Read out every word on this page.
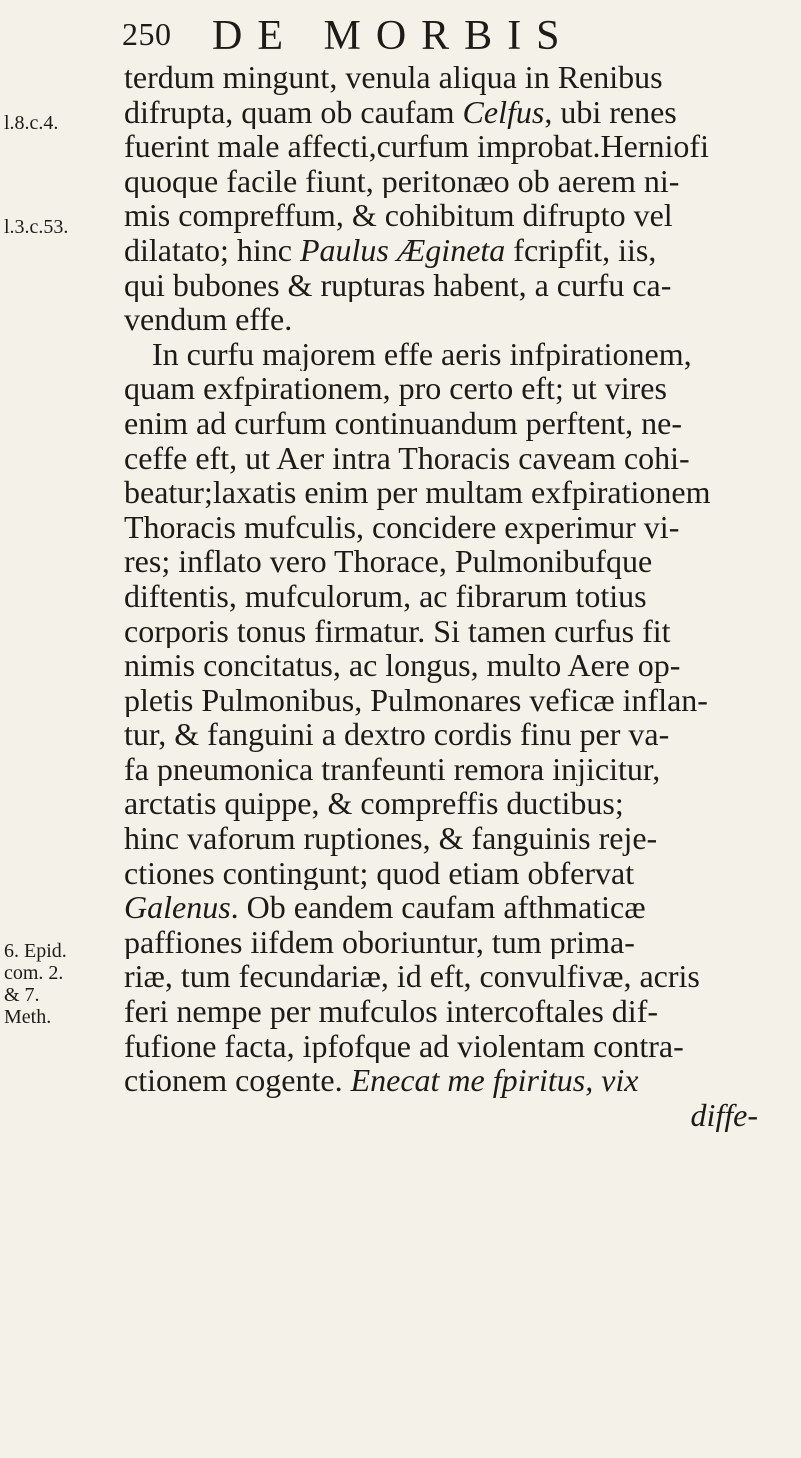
250 DE MORBIS
l.8.c.4.
l.3.c.53.
6. Epid.
com. 2.
& 7.
Meth.
terdum mingunt, venula aliqua in Renibus
difrupta, quam ob caufam Celfus, ubi renes
fuerint male affecti,curfum improbat.Herniofi
quoque facile fiunt, peritonæo ob aerem ni-
mis compreffum, & cohibitum difrupto vel
dilatato; hinc Paulus Ægineta fcripfit, iis,
qui bubones & rupturas habent, a curfu ca-
vendum effe.
In curfu majorem effe aeris infpirationem,
quam exfpirationem, pro certo eft; ut vires
enim ad curfum continuandum perftent, ne-
ceffe eft, ut Aer intra Thoracis caveam cohi-
beatur;laxatis enim per multam exfpirationem
Thoracis mufculis, concidere experimur vi-
res; inflato vero Thorace, Pulmonibufque
diftentis, mufculorum, ac fibrarum totius
corporis tonus firmatur. Si tamen curfus fit
nimis concitatus, ac longus, multo Aere op-
pletis Pulmonibus, Pulmonares veficæ inflan-
tur, & fanguini a dextro cordis finu per va-
fa pneumonica tranfeunti remora injicitur,
arctatis quippe, & compreffis ductibus;
hinc vaforum ruptiones, & fanguinis reje-
ctiones contingunt; quod etiam obfervat
Galenus. Ob eandem caufam afthmaticæ
paffiones iifdem oboriuntur, tum prima-
riæ, tum fecundariæ, id eft, convulfivæ, acris
feri nempe per mufculos intercoftales dif-
fufione facta, ipfofque ad violentam contra-
ctionem cogente. Enecat me fpiritus, vix
diffe-
